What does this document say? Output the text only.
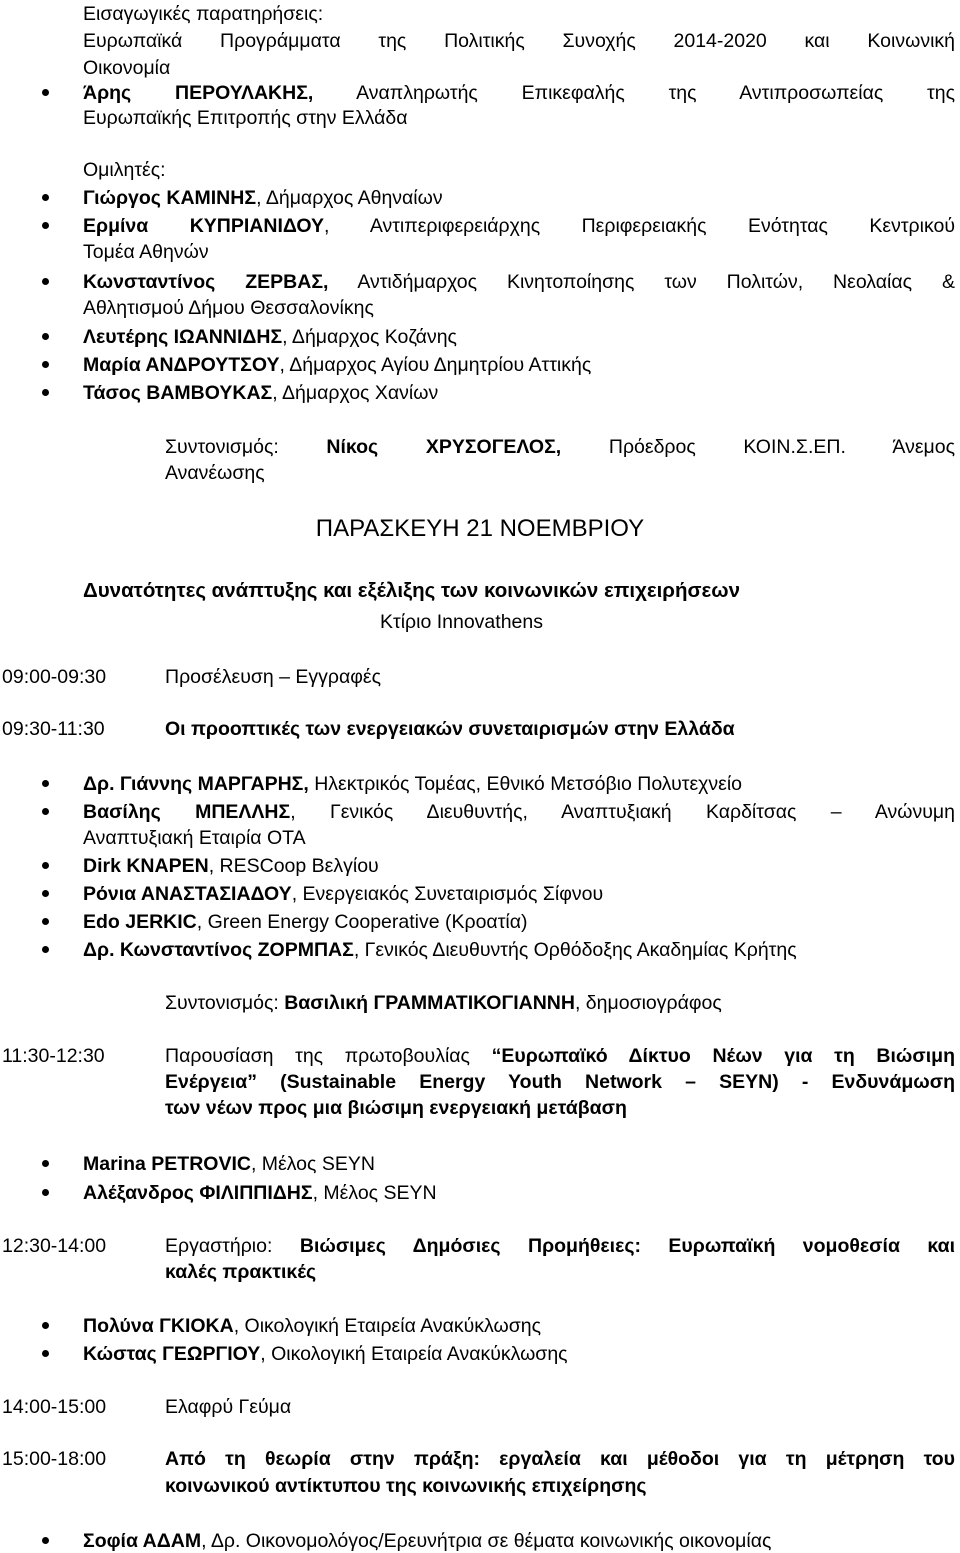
Εισαγωγικές παρατηρήσεις:
Ευρωπαϊκά Προγράμματα της Πολιτικής Συνοχής 2014-2020 και Κοινωνική
Οικονομία
Άρης ΠΕΡΟΥΛΑΚΗΣ, Αναπληρωτής Επικεφαλής της Αντιπροσωπείας της
Ευρωπαϊκής Επιτροπής στην Ελλάδα
Ομιλητές:
Γιώργος ΚΑΜΙΝΗΣ, Δήμαρχος Αθηναίων
Ερμίνα ΚΥΠΡΙΑΝΙΔΟΥ, Αντιπεριφερειάρχης Περιφερειακής Ενότητας Κεντρικού
Τομέα Αθηνών
Κωνσταντίνος ΖΕΡΒΑΣ, Αντιδήμαρχος Κινητοποίησης των Πολιτών, Νεολαίας &
Αθλητισμού Δήμου Θεσσαλονίκης
Λευτέρης ΙΩΑΝΝΙΔΗΣ, Δήμαρχος Κοζάνης
Μαρία ΑΝΔΡΟΥΤΣΟΥ, Δήμαρχος Αγίου Δημητρίου Αττικής
Τάσος ΒΑΜΒΟΥΚΑΣ, Δήμαρχος Χανίων
Συντονισμός: Νίκος ΧΡΥΣΟΓΕΛΟΣ, Πρόεδρος ΚΟΙΝ.Σ.ΕΠ. Άνεμος
Ανανέωσης
ΠΑΡΑΣΚΕΥΗ 21 ΝΟΕΜΒΡΙΟΥ
Δυνατότητες ανάπτυξης και εξέλιξης των κοινωνικών επιχειρήσεων
Κτίριο Innovathens
09:00-09:30	Προσέλευση – Εγγραφές
09:30-11:30	Οι προοπτικές των ενεργειακών συνεταιρισμών στην Ελλάδα
Δρ. Γιάννης ΜΑΡΓΑΡΗΣ, Ηλεκτρικός Τομέας, Εθνικό Μετσόβιο Πολυτεχνείο
Βασίλης ΜΠΕΛΛΗΣ, Γενικός Διευθυντής, Αναπτυξιακή Καρδίτσας – Ανώνυμη
Αναπτυξιακή Εταιρία ΟΤΑ
Dirk KNAPEN, RESCoop Βελγίου
Ρόνια ΑΝΑΣΤΑΣΙΑΔΟΥ, Ενεργειακός Συνεταιρισμός Σίφνου
Edo JERKIC, Green Energy Cooperative (Κροατία)
Δρ. Κωνσταντίνος ΖΟΡΜΠΑΣ, Γενικός Διευθυντής Ορθόδοξης Ακαδημίας Κρήτης
Συντονισμός: Βασιλική ΓΡΑΜΜΑΤΙΚΟΓΙΑΝΝΗ, δημοσιογράφος
11:30-12:30	Παρουσίαση της πρωτοβουλίας “Ευρωπαϊκό Δίκτυο Νέων για τη Βιώσιμη
Ενέργεια” (Sustainable Energy Youth Network – SEYN) - Ενδυνάμωση
των νέων προς μια βιώσιμη ενεργειακή μετάβαση
Marina PETROVIC, Μέλος SEYN
Αλέξανδρος ΦΙΛΙΠΠΙΔΗΣ, Μέλος SEYN
12:30-14:00	Εργαστήριο: Βιώσιμες Δημόσιες Προμήθειες: Ευρωπαϊκή νομοθεσία και
καλές πρακτικές
Πολύνα ΓΚΙΟΚΑ, Οικολογική Εταιρεία Ανακύκλωσης
Κώστας ΓΕΩΡΓΙΟΥ, Οικολογική Εταιρεία Ανακύκλωσης
14:00-15:00	Ελαφρύ Γεύμα
15:00-18:00	Από τη θεωρία στην πράξη: εργαλεία και μέθοδοι για τη μέτρηση του
κοινωνικού αντίκτυπου της κοινωνικής επιχείρησης
Σοφία ΑΔΑΜ, Δρ. Οικονομολόγος/Ερευνήτρια σε θέματα κοινωνικής οικονομίας
